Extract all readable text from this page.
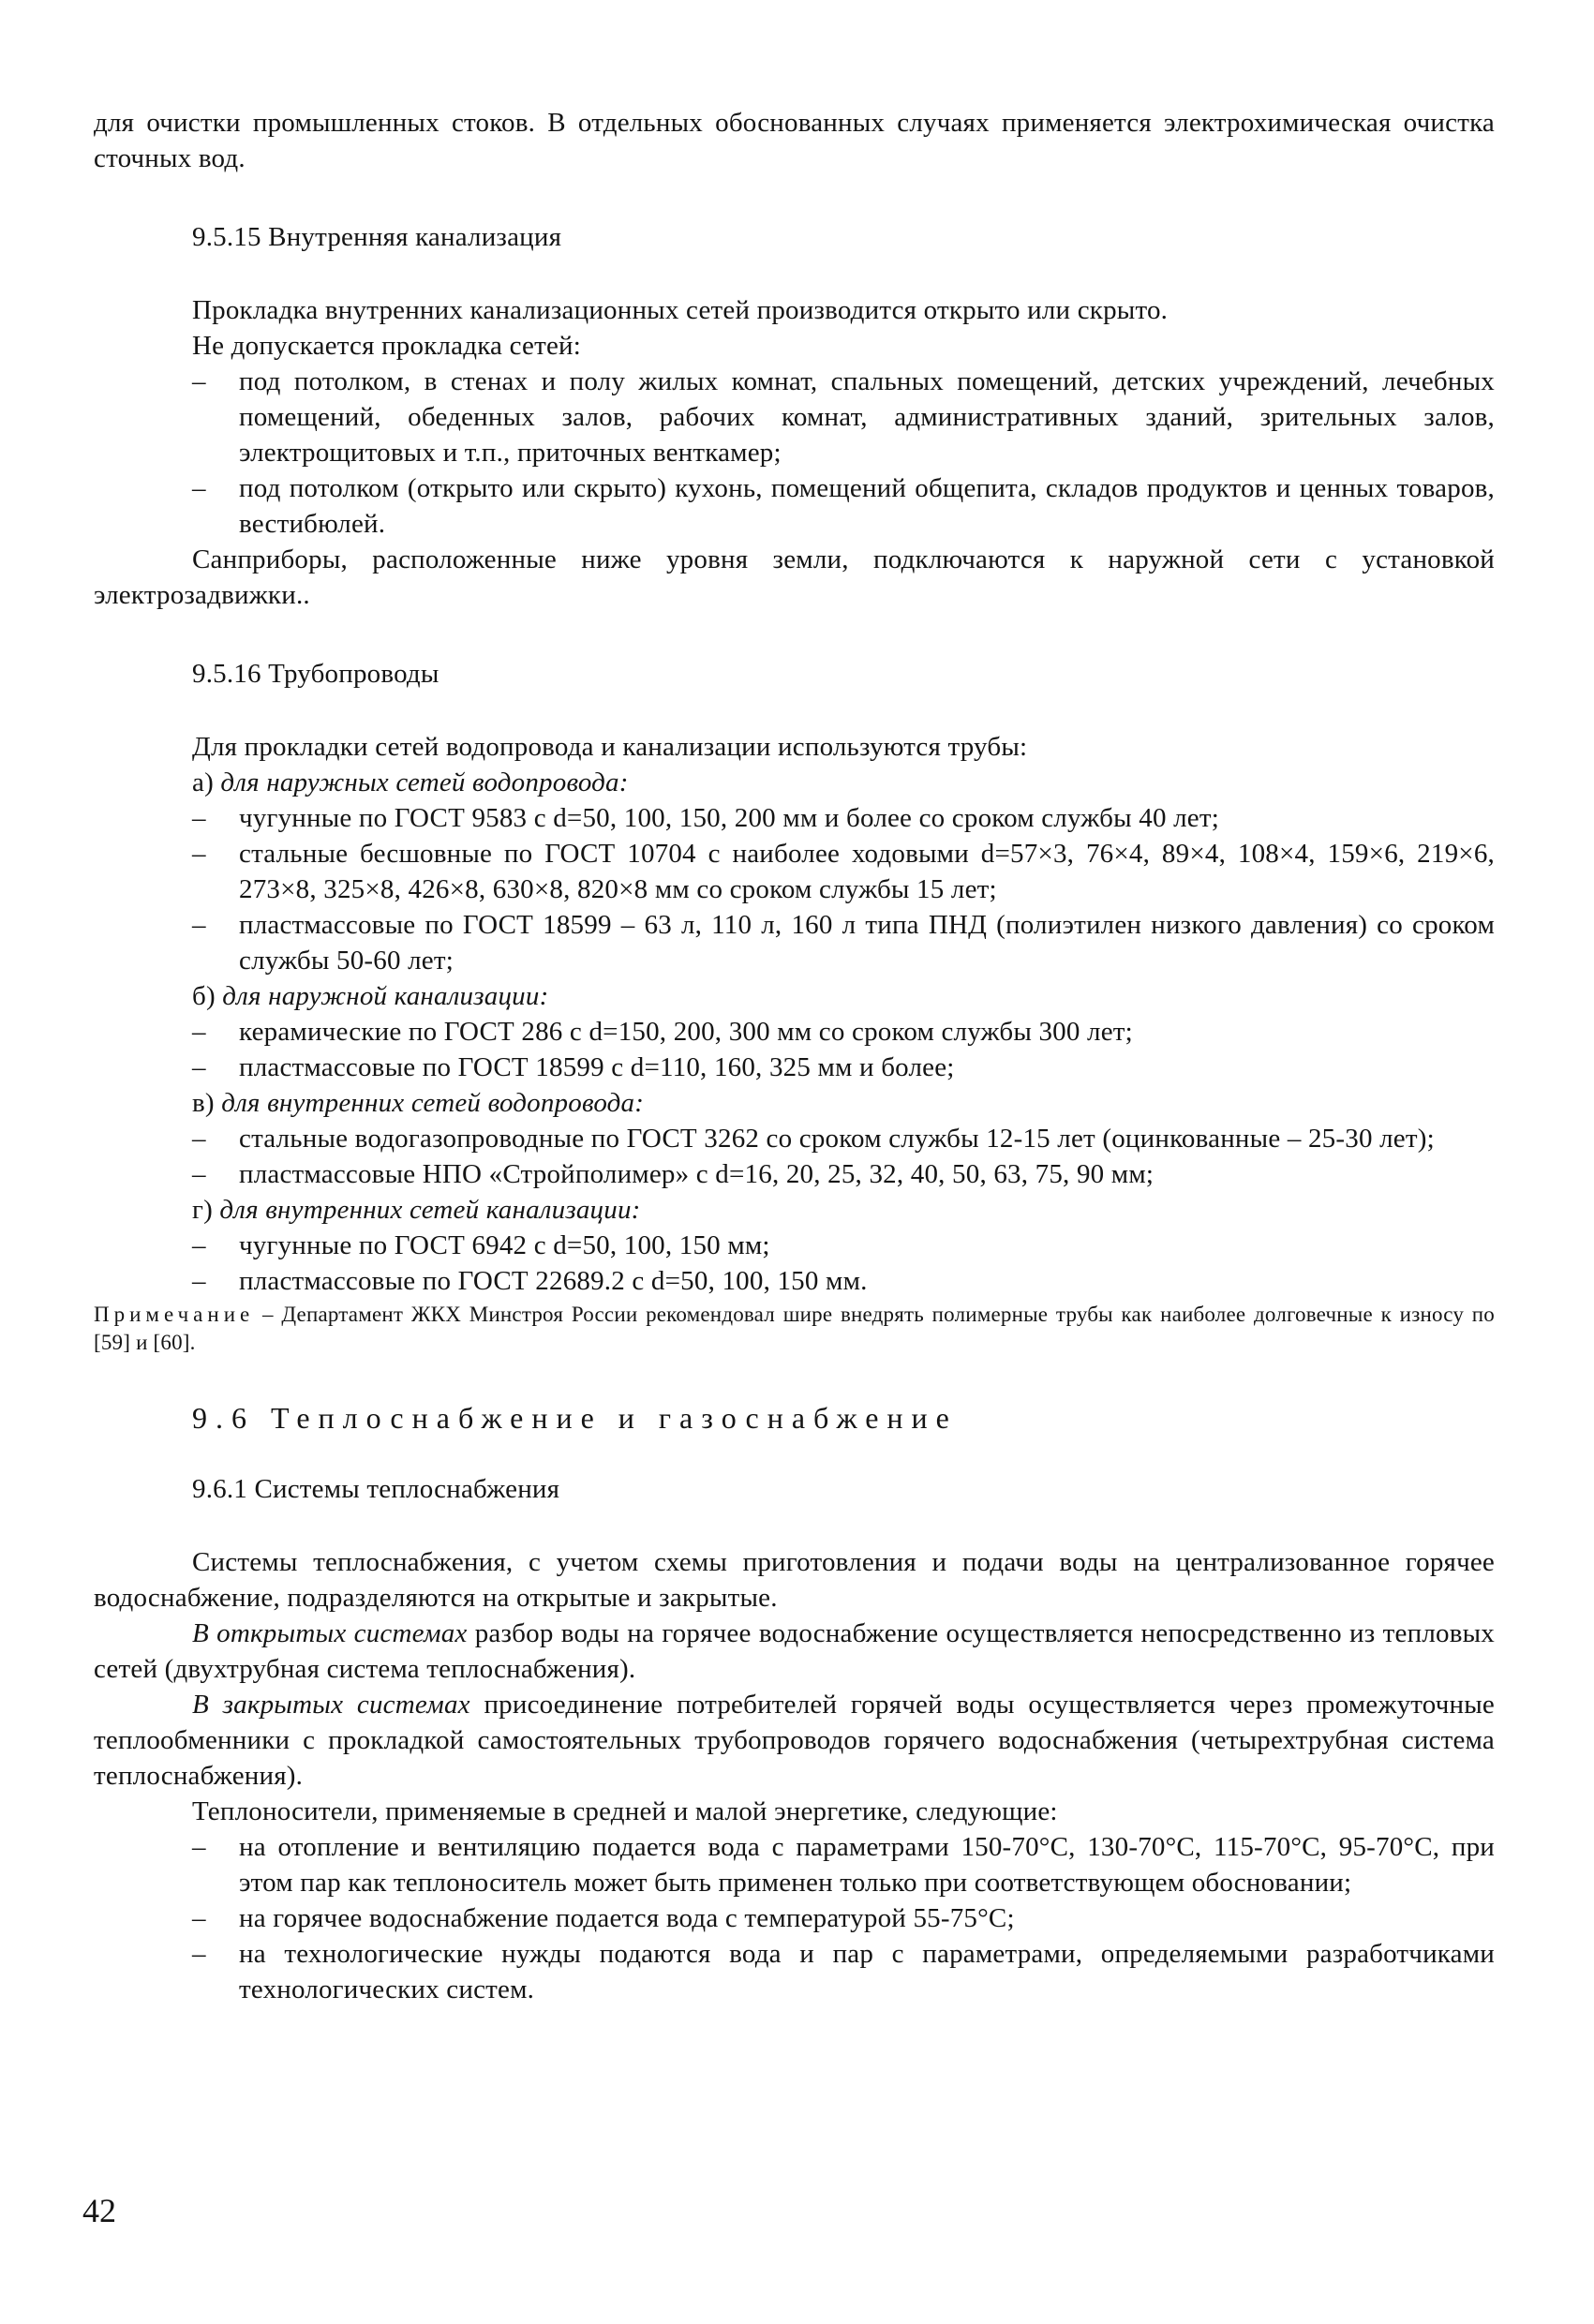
для очистки промышленных стоков. В отдельных обоснованных случаях применяется электрохимическая очистка сточных вод.

9.5.15 Внутренняя канализация

Прокладка внутренних канализационных сетей производится открыто или скрыто.

Не допускается прокладка сетей:

– под потолком, в стенах и полу жилых комнат, спальных помещений, детских учреждений, лечебных помещений, обеденных залов, рабочих комнат, административных зданий, зрительных залов, электрощитовых и т.п., приточных венткамер;
– под потолком (открыто или скрыто) кухонь, помещений общепита, складов продуктов и ценных товаров, вестибюлей.

Санприборы, расположенные ниже уровня земли, подключаются к наружной сети с установкой электрозадвижки..

9.5.16 Трубопроводы

Для прокладки сетей водопровода и канализации используются трубы:

а) для наружных сетей водопровода:

– чугунные по ГОСТ 9583 с d=50, 100, 150, 200 мм и более со сроком службы 40 лет;
– стальные бесшовные по ГОСТ 10704 с наиболее ходовыми d=57×3, 76×4, 89×4, 108×4, 159×6, 219×6, 273×8, 325×8, 426×8, 630×8, 820×8 мм со сроком службы 15 лет;
– пластмассовые по ГОСТ 18599 – 63 л, 110 л, 160 л типа ПНД (полиэтилен низкого давления) со сроком службы 50-60 лет;

б) для наружной канализации:

– керамические по ГОСТ 286 с d=150, 200, 300 мм со сроком службы 300 лет;
– пластмассовые по ГОСТ 18599 с d=110, 160, 325 мм и более;

в) для внутренних сетей водопровода:

– стальные водогазопроводные по ГОСТ 3262 со сроком службы 12-15 лет (оцинкованные – 25-30 лет);
– пластмассовые НПО «Стройполимер» с d=16, 20, 25, 32, 40, 50, 63, 75, 90 мм;

г) для внутренних сетей канализации:

– чугунные по ГОСТ 6942 с d=50, 100, 150 мм;
– пластмассовые по ГОСТ 22689.2 с d=50, 100, 150 мм.

Примечание – Департамент ЖКХ Минстроя России рекомендовал шире внедрять полимерные трубы как наиболее долговечные к износу по [59] и [60].

9.6 Теплоснабжение и газоснабжение
9.6.1 Системы теплоснабжения

Системы теплоснабжения, с учетом схемы приготовления и подачи воды на централизованное горячее водоснабжение, подразделяются на открытые и закрытые.

В открытых системах разбор воды на горячее водоснабжение осуществляется непосредственно из тепловых сетей (двухтрубная система теплоснабжения).

В закрытых системах присоединение потребителей горячей воды осуществляется через промежуточные теплообменники с прокладкой самостоятельных трубопроводов горячего водоснабжения (четырехтрубная система теплоснабжения).

Теплоносители, применяемые в средней и малой энергетике, следующие:

– на отопление и вентиляцию подается вода с параметрами 150-70°С, 130-70°С, 115-70°С, 95-70°С, при этом пар как теплоноситель может быть применен только при соответствующем обосновании;
– на горячее водоснабжение подается вода с температурой 55-75°С;
– на технологические нужды подаются вода и пар с параметрами, определяемыми разработчиками технологических систем.
42
